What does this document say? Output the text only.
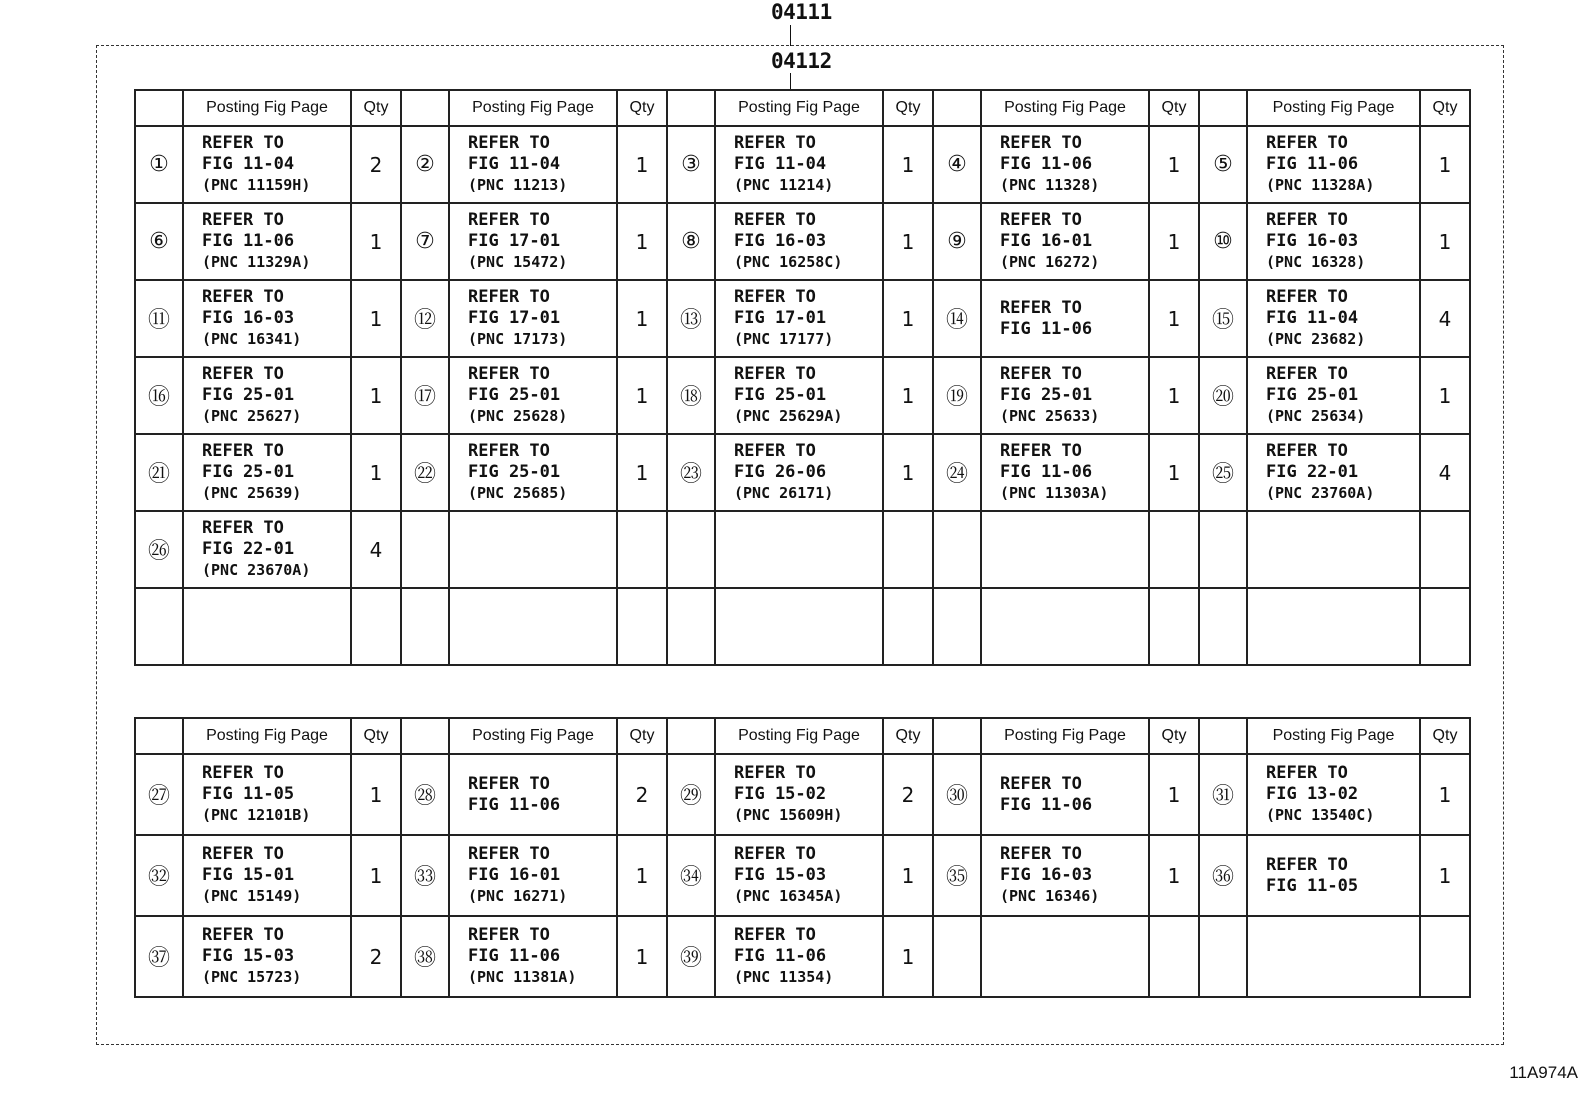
04111
04112
	Posting Fig Page	Qty		Posting Fig Page	Qty		Posting Fig Page	Qty		Posting Fig Page	Qty		Posting Fig Page	Qty
①	REFER TO
FIG 11-04
(PNC 11159H)	2	②	REFER TO
FIG 11-04
(PNC 11213)	1	③	REFER TO
FIG 11-04
(PNC 11214)	1	④	REFER TO
FIG 11-06
(PNC 11328)	1	⑤	REFER TO
FIG 11-06
(PNC 11328A)	1
⑥	REFER TO
FIG 11-06
(PNC 11329A)	1	⑦	REFER TO
FIG 17-01
(PNC 15472)	1	⑧	REFER TO
FIG 16-03
(PNC 16258C)	1	⑨	REFER TO
FIG 16-01
(PNC 16272)	1	⑩	REFER TO
FIG 16-03
(PNC 16328)	1
⑪	REFER TO
FIG 16-03
(PNC 16341)	1	⑫	REFER TO
FIG 17-01
(PNC 17173)	1	⑬	REFER TO
FIG 17-01
(PNC 17177)	1	⑭	REFER TO
FIG 11-06	1	⑮	REFER TO
FIG 11-04
(PNC 23682)	4
⑯	REFER TO
FIG 25-01
(PNC 25627)	1	⑰	REFER TO
FIG 25-01
(PNC 25628)	1	⑱	REFER TO
FIG 25-01
(PNC 25629A)	1	⑲	REFER TO
FIG 25-01
(PNC 25633)	1	⑳	REFER TO
FIG 25-01
(PNC 25634)	1
㉑	REFER TO
FIG 25-01
(PNC 25639)	1	㉒	REFER TO
FIG 25-01
(PNC 25685)	1	㉓	REFER TO
FIG 26-06
(PNC 26171)	1	㉔	REFER TO
FIG 11-06
(PNC 11303A)	1	㉕	REFER TO
FIG 22-01
(PNC 23760A)	4
㉖	REFER TO
FIG 22-01
(PNC 23670A)	4		

	Posting Fig Page	Qty		Posting Fig Page	Qty		Posting Fig Page	Qty		Posting Fig Page	Qty		Posting Fig Page	Qty
㉗	REFER TO
FIG 11-05
(PNC 12101B)	1	㉘	REFER TO
FIG 11-06	2	㉙	REFER TO
FIG 15-02
(PNC 15609H)	2	㉚	REFER TO
FIG 11-06	1	㉛	REFER TO
FIG 13-02
(PNC 13540C)	1
㉜	REFER TO
FIG 15-01
(PNC 15149)	1	㉝	REFER TO
FIG 16-01
(PNC 16271)	1	㉞	REFER TO
FIG 15-03
(PNC 16345A)	1	㉟	REFER TO
FIG 16-03
(PNC 16346)	1	㊱	REFER TO
FIG 11-05	1
㊲	REFER TO
FIG 15-03
(PNC 15723)	2	㊳	REFER TO
FIG 11-06
(PNC 11381A)	1	㊴	REFER TO
FIG 11-06
(PNC 11354)	1		

11A974A
